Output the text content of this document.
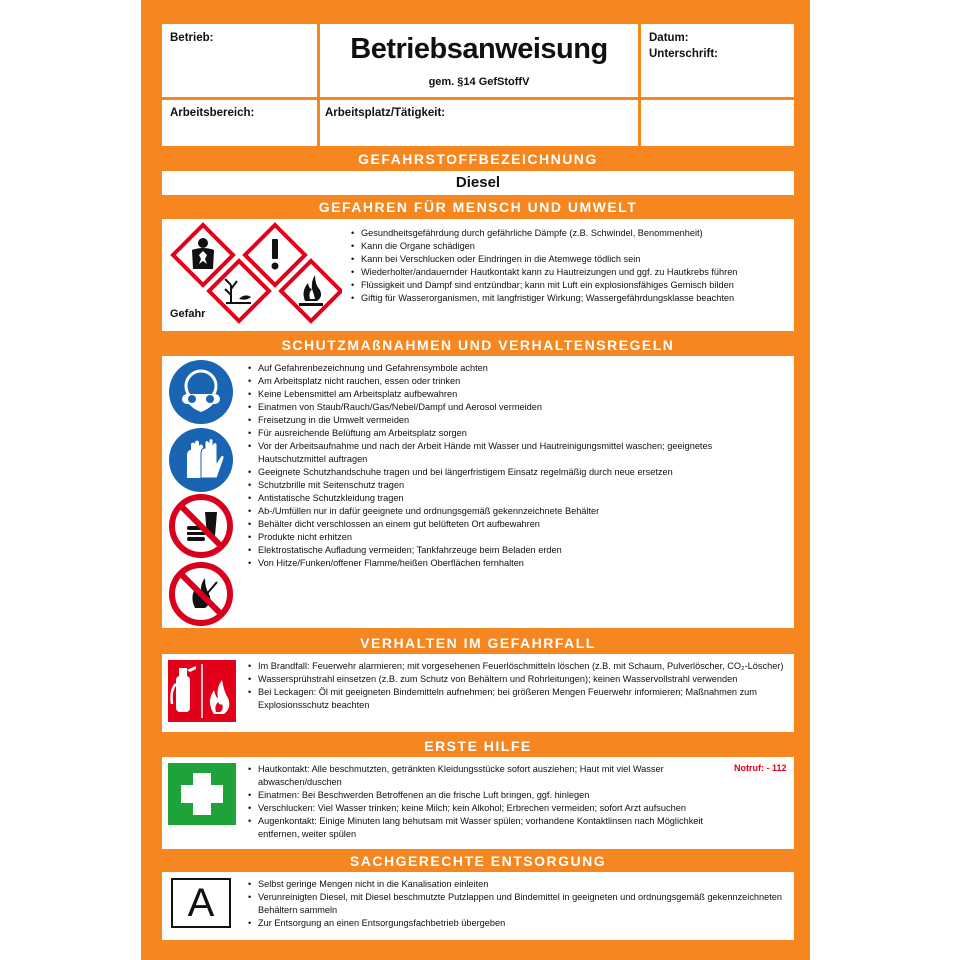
Betrieb:	Betriebsanweisung
gem. §14 GefStoffV
Datum:
Unterschrift:
Arbeitsbereich:	Arbeitsplatz/Tätigkeit:
GEFAHRSTOFFBEZEICHNUNG
Diesel
GEFAHREN FÜR MENSCH UND UMWELT
Gefahr
• Gesundheitsgefährdung durch gefährliche Dämpfe (z.B. Schwindel, Benommenheit)
• Kann die Organe schädigen
• Kann bei Verschlucken oder Eindringen in die Atemwege tödlich sein
• Wiederholter/andauernder Hautkontakt kann zu Hautreizungen und ggf. zu Hautkrebs führen
• Flüssigkeit und Dampf sind entzündbar; kann mit Luft ein explosionsfähiges Gemisch bilden
• Giftig für Wasserorganismen, mit langfristiger Wirkung; Wassergefährdungsklasse beachten
SCHUTZMAßNAHMEN UND VERHALTENSREGELN
• Auf Gefahrenbezeichnung und Gefahrensymbole achten
• Am Arbeitsplatz nicht rauchen, essen oder trinken
• Keine Lebensmittel am Arbeitsplatz aufbewahren
• Einatmen von Staub/Rauch/Gas/Nebel/Dampf und Aerosol vermeiden
• Freisetzung in die Umwelt vermeiden
• Für ausreichende Belüftung am Arbeitsplatz sorgen
• Vor der Arbeitsaufnahme und nach der Arbeit Hände mit Wasser und Hautreinigungsmittel waschen; geeignetes Hautschutzmittel auftragen
• Geeignete Schutzhandschuhe tragen und bei längerfristigem Einsatz regelmäßig durch neue ersetzen
• Schutzbrille mit Seitenschutz tragen
• Antistatische Schutzkleidung tragen
• Ab-/Umfüllen nur in dafür geeignete und ordnungsgemäß gekennzeichnete Behälter
• Behälter dicht verschlossen an einem gut belüfteten Ort aufbewahren
• Produkte nicht erhitzen
• Elektrostatische Aufladung vermeiden; Tankfahrzeuge beim Beladen erden
• Von Hitze/Funken/offener Flamme/heißen Oberflächen fernhalten
VERHALTEN IM GEFAHRFALL
• Im Brandfall: Feuerwehr alarmieren; mit vorgesehenen Feuerlöschmitteln löschen (z.B. mit Schaum, Pulverlöscher, CO₂-Löscher)
• Wassersprühstrahl einsetzen (z.B. zum Schutz von Behältern und Rohrleitungen); keinen Wasservollstrahl verwenden
• Bei Leckagen: Öl mit geeigneten Bindemitteln aufnehmen; bei größeren Mengen Feuerwehr informieren; Maßnahmen zum Explosionsschutz beachten
ERSTE HILFE
Notruf: - 112
• Hautkontakt: Alle beschmutzten, getränkten Kleidungsstücke sofort ausziehen; Haut mit viel Wasser abwaschen/duschen
• Einatmen: Bei Beschwerden Betroffenen an die frische Luft bringen, ggf. hinlegen
• Verschlucken: Viel Wasser trinken; keine Milch; kein Alkohol; Erbrechen vermeiden; sofort Arzt aufsuchen
• Augenkontakt: Einige Minuten lang behutsam mit Wasser spülen; vorhandene Kontaktlinsen nach Möglichkeit entfernen, weiter spülen
SACHGERECHTE ENTSORGUNG
A
•	Selbst geringe Mengen nicht in die Kanalisation einleiten
• Verunreinigten Diesel, mit Diesel beschmutzte Putzlappen und Bindemittel in geeigneten und ordnungsgemäß gekennzeichneten Behältern sammeln
• Zur Entsorgung an einen Entsorgungsfachbetrieb übergeben
